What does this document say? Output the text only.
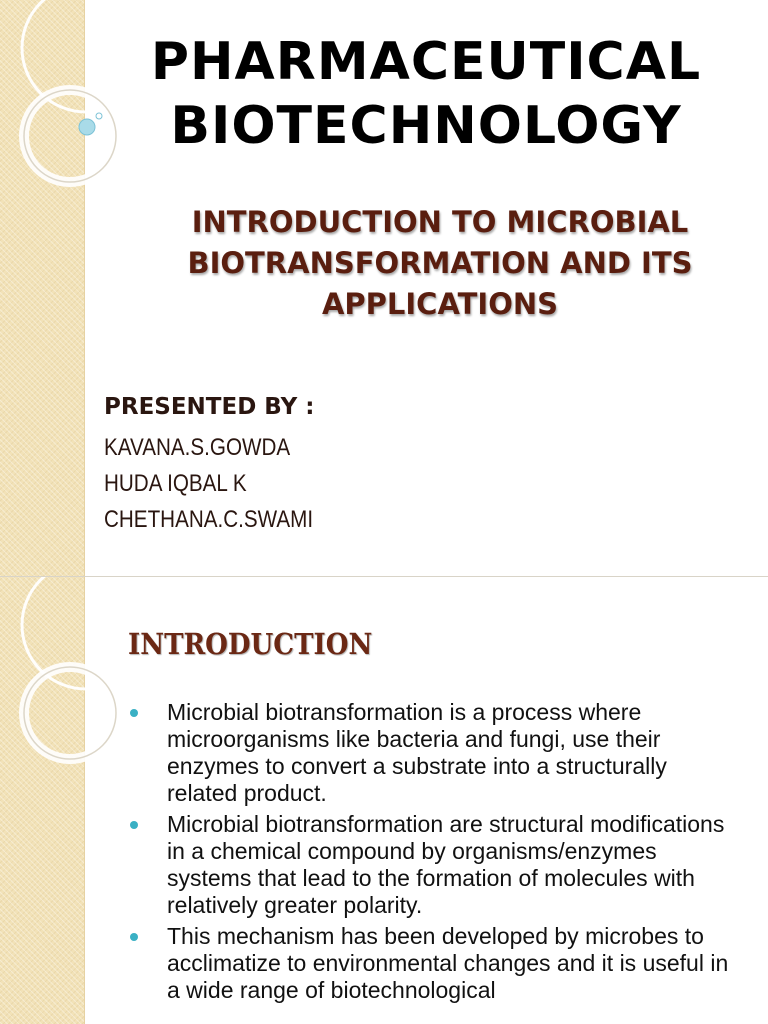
PHARMACEUTICAL
BIOTECHNOLOGY
INTRODUCTION TO MICROBIAL
BIOTRANSFORMATION AND ITS
APPLICATIONS
PRESENTED BY :
KAVANA.S.GOWDA
HUDA IQBAL K
CHETHANA.C.SWAMI
INTRODUCTION
Microbial biotransformation is a process where microorganisms like bacteria and fungi, use their enzymes to convert a substrate into a structurally related product.
Microbial biotransformation are structural modifications in a chemical compound by organisms/enzymes systems that lead to the formation of molecules with relatively greater polarity.
This mechanism has been developed by microbes to acclimatize to environmental changes and it is useful in a wide range of biotechnological
